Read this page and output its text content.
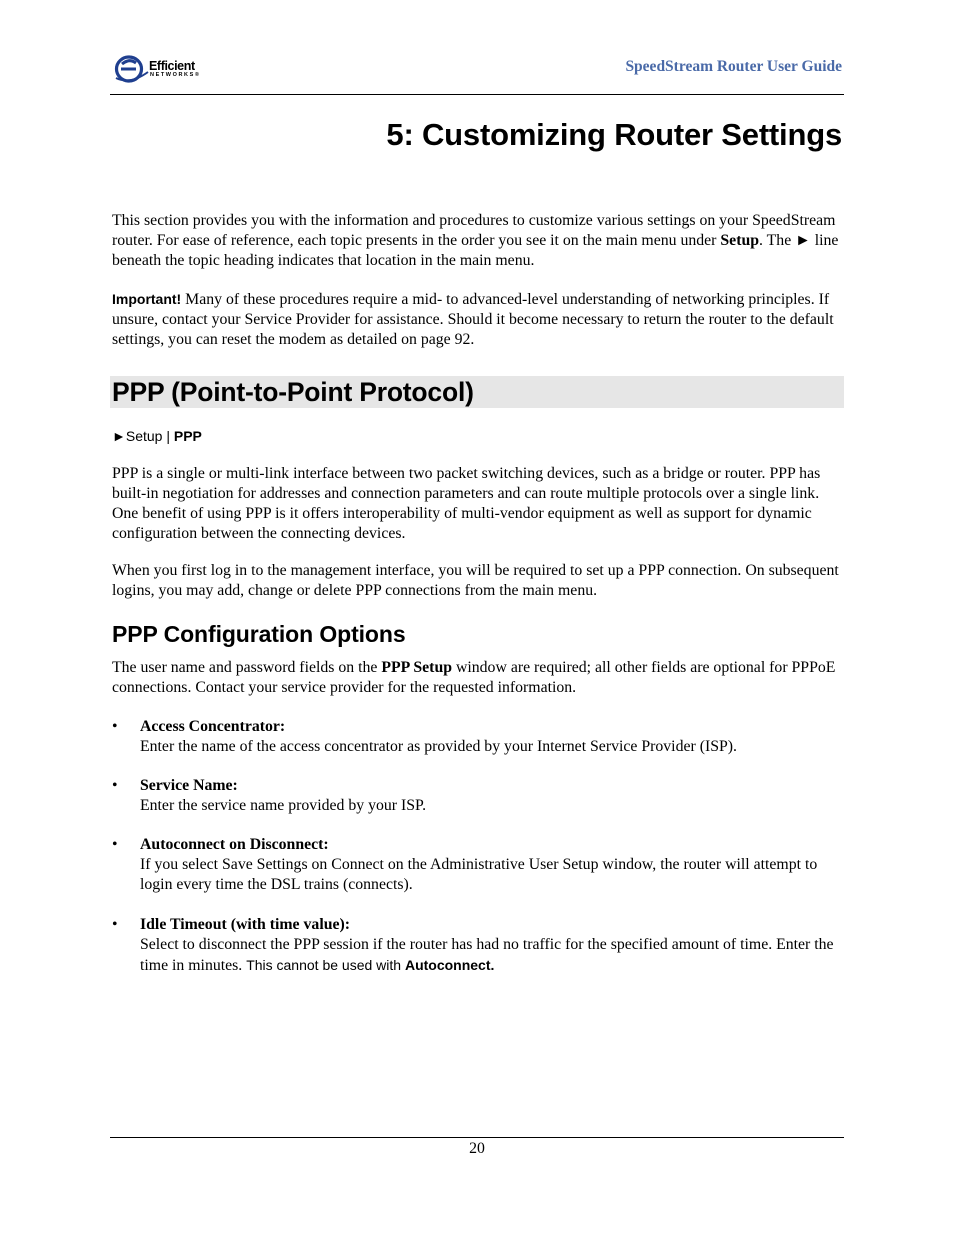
Efficient
NETWORKS®	SpeedStream Router User Guide
5: Customizing Router Settings

This section provides you with the information and procedures to customize various settings on your SpeedStream router. For ease of reference, each topic presents in the order you see it on the main menu under Setup. The ► line beneath the topic heading indicates that location in the main menu.

Important! Many of these procedures require a mid- to advanced-level understanding of networking principles. If unsure, contact your Service Provider for assistance. Should it become necessary to return the router to the default settings, you can reset the modem as detailed on page 92.

PPP (Point-to-Point Protocol)
►Setup | PPP

PPP is a single or multi-link interface between two packet switching devices, such as a bridge or router. PPP has built-in negotiation for addresses and connection parameters and can route multiple protocols over a single link. One benefit of using PPP is it offers interoperability of multi-vendor equipment as well as support for dynamic configuration between the connecting devices.

When you first log in to the management interface, you will be required to set up a PPP connection. On subsequent logins, you may add, change or delete PPP connections from the main menu.

PPP Configuration Options

The user name and password fields on the PPP Setup window are required; all other fields are optional for PPPoE connections. Contact your service provider for the requested information.

•	Access Concentrator:
Enter the name of the access concentrator as provided by your Internet Service Provider (ISP).
•	Service Name:
Enter the service name provided by your ISP.
•	Autoconnect on Disconnect:
If you select Save Settings on Connect on the Administrative User Setup window, the router will attempt to login every time the DSL trains (connects).
•	Idle Timeout (with time value):
Select to disconnect the PPP session if the router has had no traffic for the specified amount of time. Enter the time in minutes. This cannot be used with Autoconnect.
20
